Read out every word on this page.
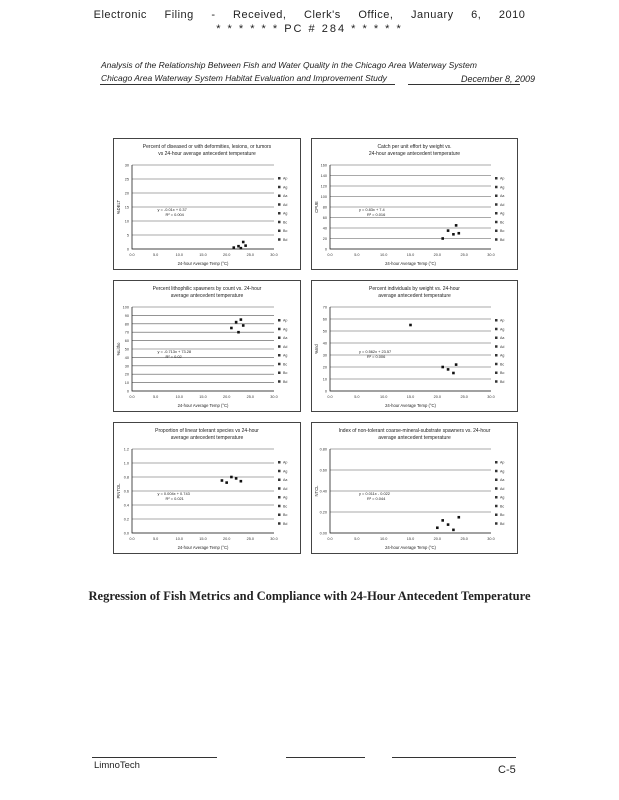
Electronic Filing - Received, Clerk's Office, January 6, 2010
* * * * * * PC # 284 * * * * *
Analysis of the Relationship Between Fish and Water Quality in the Chicago Area Waterway System
Chicago Area Waterway System Habitat Evaluation and Improvement Study	December 8, 2009
Percent of diseased or with deformities, lesions, or tumors
vs 24-hour average antecedent temperature
0
5
10
15
20
25
30
0.0	5.0	10.0	15.0	20.0	25.0	30.0
24-hour Average Temp (°C)
%DELT
Ap
Ag
Aa
Ad
Ag
Bc
Bo
Bd
y = -0.01x + 0.37
R² = 0.004
Catch per unit effort by weight vs.
24-hour average antecedent temperature
0
20
40
60
80
100
120
140
160
0.0	5.0	10.0	15.0	20.0	25.0	30.0
24-hour Average Temp (°C)
CPUE
Ap
Ag
Aa
Ad
Ag
Bc
Bo
Bd
y = 0.83x + 7.4
R² = 0.016
Percent lithophilic spawners by count vs. 24-hour
average antecedent temperature
0
10
20
30
40
50
60
70
80
90
100
0.0	5.0	10.0	15.0	20.0	25.0	30.0
24-hour Average Temp (°C)
%Litho
Ap
Ag
Aa
Ad
Ag
Bc
Bo
Bd
y = -0.713x + 73.28
R² = 0.02
Percent individuals by weight vs. 24-hour
average antecedent temperature
0
10
20
30
40
50
60
70
0.0	5.0	10.0	15.0	20.0	25.0	30.0
24-hour Average Temp (°C)
%Ind
Ap
Ag
Aa
Ad
Ag
Bc
Bo
Bd
y = 0.562x + 23.57
R² = 0.006
Proportion of linear tolerant species vs 24-hour
average antecedent temperature
0.0
0.2
0.4
0.6
0.8
1.0
1.2
0.0	5.0	10.0	15.0	20.0	25.0	30.0
24-hour Average Temp (°C)
PINTOL
Ap
Ag
Aa
Ad
Ag
Bc
Bo
Bd
y = 0.004x + 0.743
R² = 0.021
Index of non-tolerant coarse-mineral-substrate spawners vs. 24-hour
average antecedent temperature
0.00
0.20
0.40
0.60
0.80
0.0	5.0	10.0	15.0	20.0	25.0	30.0
24-hour Average Temp (°C)
NTCL
Ap
Ag
Aa
Ad
Ag
Bc
Bo
Bd
y = 0.011x - 0.022
R² = 0.044
Regression of Fish Metrics and Compliance with 24-Hour Antecedent Temperature
LimnoTech	C-5
